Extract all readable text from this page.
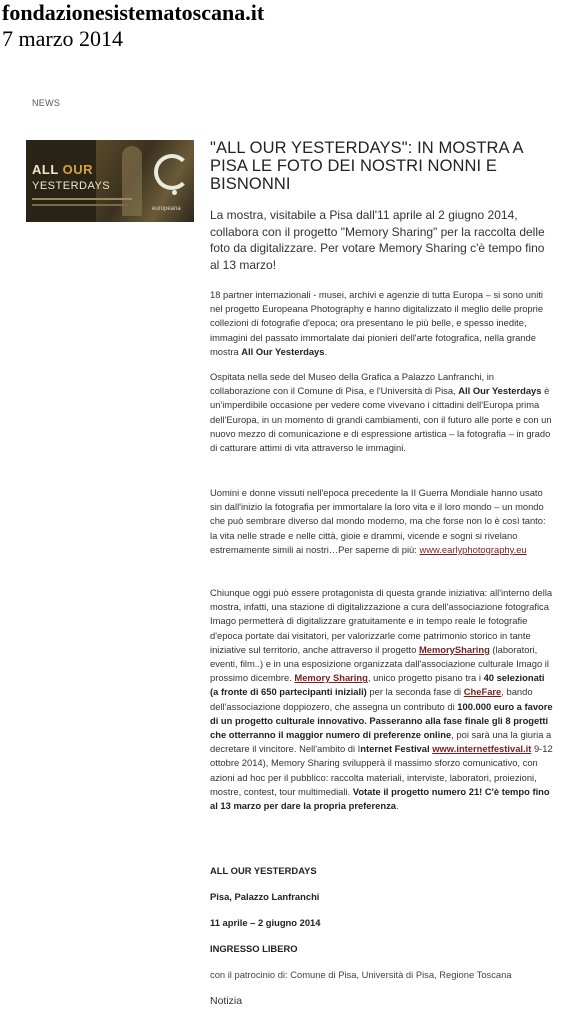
fondazionesistematoscana.it
7 marzo 2014
NEWS
ALL OUR
YESTERDAYS
europeana
"ALL OUR YESTERDAYS": IN MOSTRA A PISA LE FOTO DEI NOSTRI NONNI E BISNONNI

La mostra, visitabile a Pisa dall'11 aprile al 2 giugno 2014, collabora con il progetto "Memory Sharing" per la raccolta delle foto da digitalizzare. Per votare Memory Sharing c'è tempo fino al 13 marzo!

18 partner internazionali - musei, archivi e agenzie di tutta Europa – si sono uniti nel progetto Europeana Photography e hanno digitalizzato il meglio delle proprie collezioni di fotografie d'epoca; ora presentano le più belle, e spesso inedite, immagini del passato immortalate dai pionieri dell'arte fotografica, nella grande mostra All Our Yesterdays.

Ospitata nella sede del Museo della Grafica a Palazzo Lanfranchi, in collaborazione con il Comune di Pisa, e l'Università di Pisa, All Our Yesterdays è un'imperdibile occasione per vedere come vivevano i cittadini dell'Europa prima dell'Europa, in un momento di grandi cambiamenti, con il futuro alle porte e con un nuovo mezzo di comunicazione e di espressione artistica – la fotografia – in grado di catturare attimi di vita attraverso le immagini.

Uomini e donne vissuti nell'epoca precedente la II Guerra Mondiale hanno usato sin dall'inizio la fotografia per immortalare la loro vita e il loro mondo – un mondo che può sembrare diverso dal mondo moderno, ma che forse non lo è così tanto: la vita nelle strade e nelle città, gioie e drammi, vicende e sogni si rivelano estremamente simili ai nostri…Per saperne di più: www.earlyphotography.eu

Chiunque oggi può essere protagonista di questa grande iniziativa: all'interno della mostra, infatti, una stazione di digitalizzazione a cura dell'associazione fotografica Imago permetterà di digitalizzare gratuitamente e in tempo reale le fotografie d'epoca portate dai visitatori, per valorizzarle come patrimonio storico in tante iniziative sul territorio, anche attraverso il progetto MemorySharing (laboratori, eventi, film..) e in una esposizione organizzata dall'associazione culturale Imago il prossimo dicembre. Memory Sharing, unico progetto pisano tra i 40 selezionati (a fronte di 650 partecipanti iniziali) per la seconda fase di CheFare, bando dell'associazione doppiozero, che assegna un contributo di 100.000 euro a favore di un progetto culturale innovativo. Passeranno alla fase finale gli 8 progetti che otterranno il maggior numero di preferenze online, poi sarà una la giuria a decretare il vincitore. Nell'ambito di Internet Festival www.internetfestival.it 9-12 ottobre 2014), Memory Sharing svilupperà il massimo sforzo comunicativo, con azioni ad hoc per il pubblico: raccolta materiali, interviste, laboratori, proiezioni, mostre, contest, tour multimediali. Votate il progetto numero 21! C'è tempo fino al 13 marzo per dare la propria preferenza.

ALL OUR YESTERDAYS
Pisa, Palazzo Lanfranchi
11 aprile – 2 giugno 2014
INGRESSO LIBERO
con il patrocinio di: Comune di Pisa, Università di Pisa, Regione Toscana
Notizia
